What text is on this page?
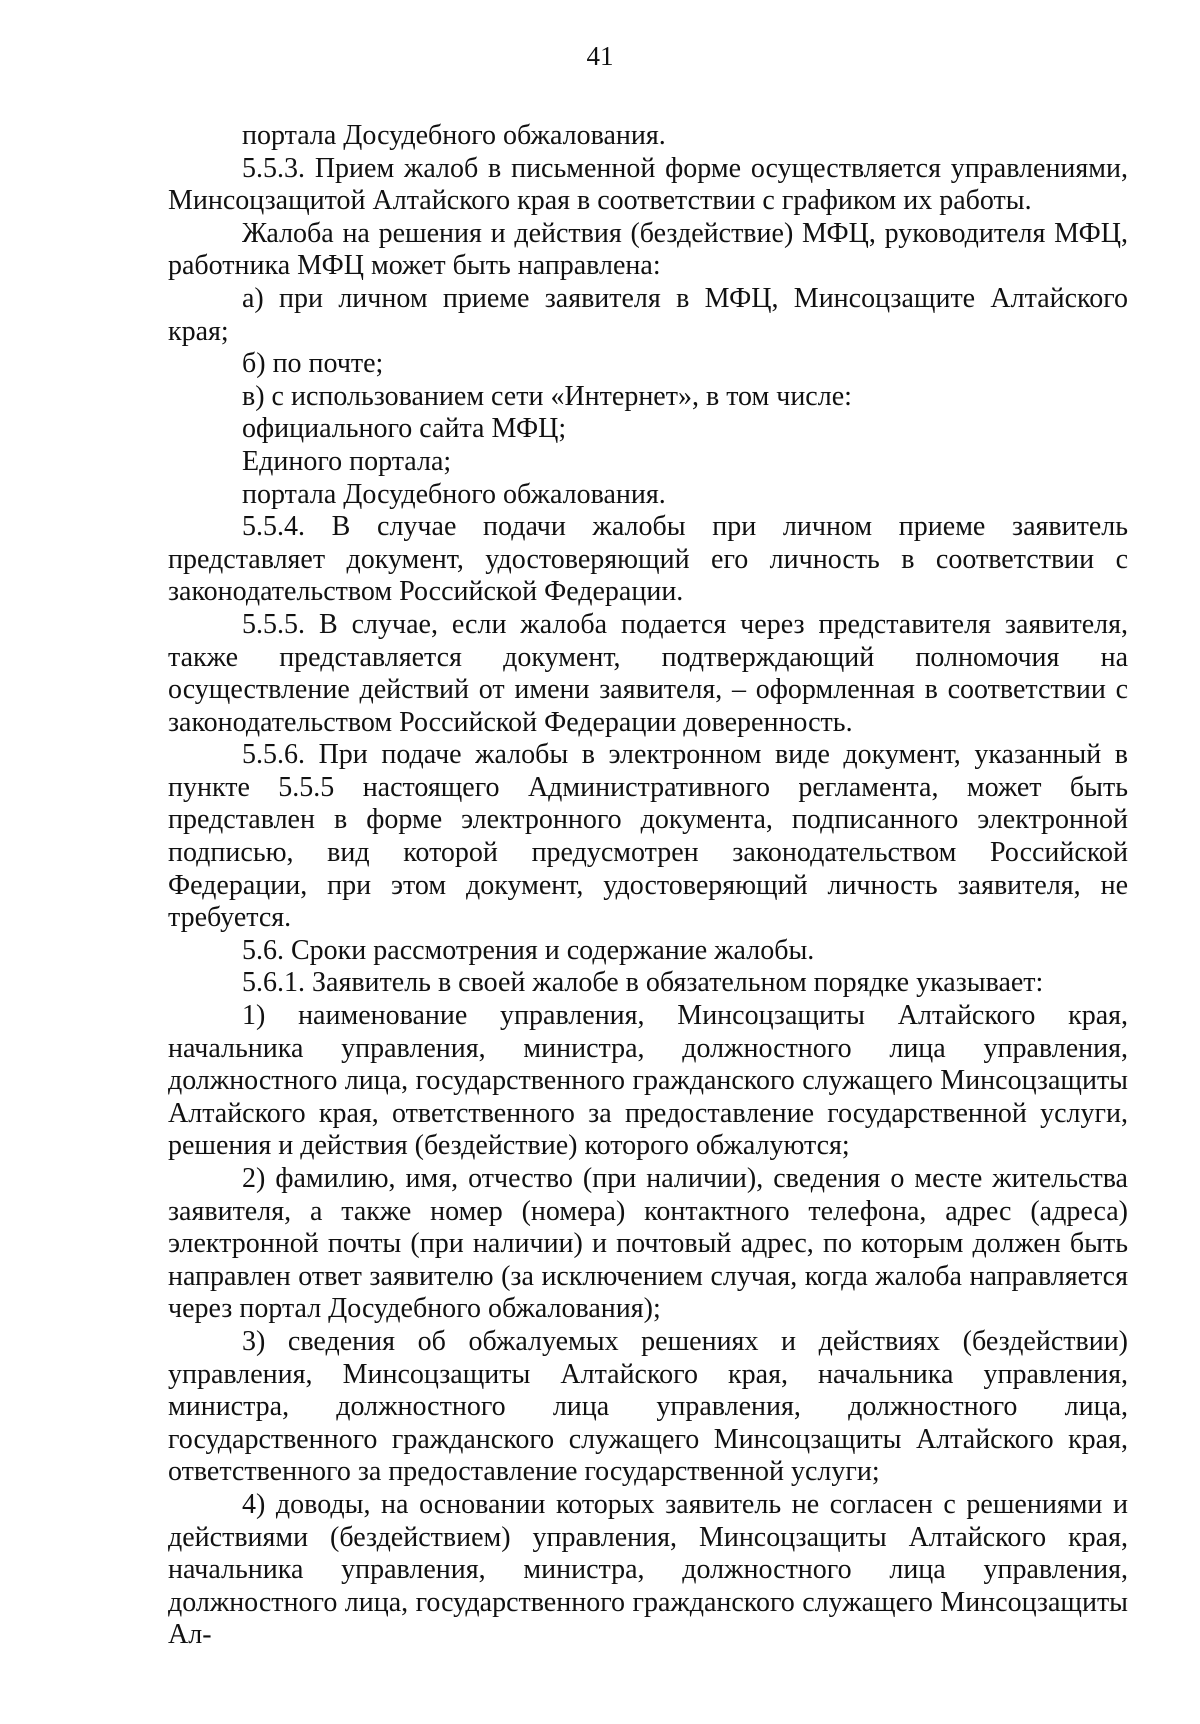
41

портала Досудебного обжалования.

5.5.3. Прием жалоб в письменной форме осуществляется управлениями, Минсоцзащитой Алтайского края в соответствии с графиком их работы.

Жалоба на решения и действия (бездействие) МФЦ, руководителя МФЦ, работника МФЦ может быть направлена:

а) при личном приеме заявителя в МФЦ, Минсоцзащите Алтайского края;

б) по почте;

в) с использованием сети «Интернет», в том числе:

официального сайта МФЦ;

Единого портала;

портала Досудебного обжалования.

5.5.4. В случае подачи жалобы при личном приеме заявитель представляет документ, удостоверяющий его личность в соответствии с законодательством Российской Федерации.

5.5.5. В случае, если жалоба подается через представителя заявителя, также представляется документ, подтверждающий полномочия на осуществление действий от имени заявителя, – оформленная в соответствии с законодательством Российской Федерации доверенность.

5.5.6. При подаче жалобы в электронном виде документ, указанный в пункте 5.5.5 настоящего Административного регламента, может быть представлен в форме электронного документа, подписанного электронной подписью, вид которой предусмотрен законодательством Российской Федерации, при этом документ, удостоверяющий личность заявителя, не требуется.

5.6. Сроки рассмотрения и содержание жалобы.

5.6.1. Заявитель в своей жалобе в обязательном порядке указывает:

1) наименование управления, Минсоцзащиты Алтайского края, начальника управления, министра, должностного лица управления, должностного лица, государственного гражданского служащего Минсоцзащиты Алтайского края, ответственного за предоставление государственной услуги, решения и действия (бездействие) которого обжалуются;

2) фамилию, имя, отчество (при наличии), сведения о месте жительства заявителя, а также номер (номера) контактного телефона, адрес (адреса) электронной почты (при наличии) и почтовый адрес, по которым должен быть направлен ответ заявителю (за исключением случая, когда жалоба направляется через портал Досудебного обжалования);

3) сведения об обжалуемых решениях и действиях (бездействии) управления, Минсоцзащиты Алтайского края, начальника управления, министра, должностного лица управления, должностного лица, государственного гражданского служащего Минсоцзащиты Алтайского края, ответственного за предоставление государственной услуги;

4) доводы, на основании которых заявитель не согласен с решениями и действиями (бездействием) управления, Минсоцзащиты Алтайского края, начальника управления, министра, должностного лица управления, должностного лица, государственного гражданского служащего Минсоцзащиты Ал-
